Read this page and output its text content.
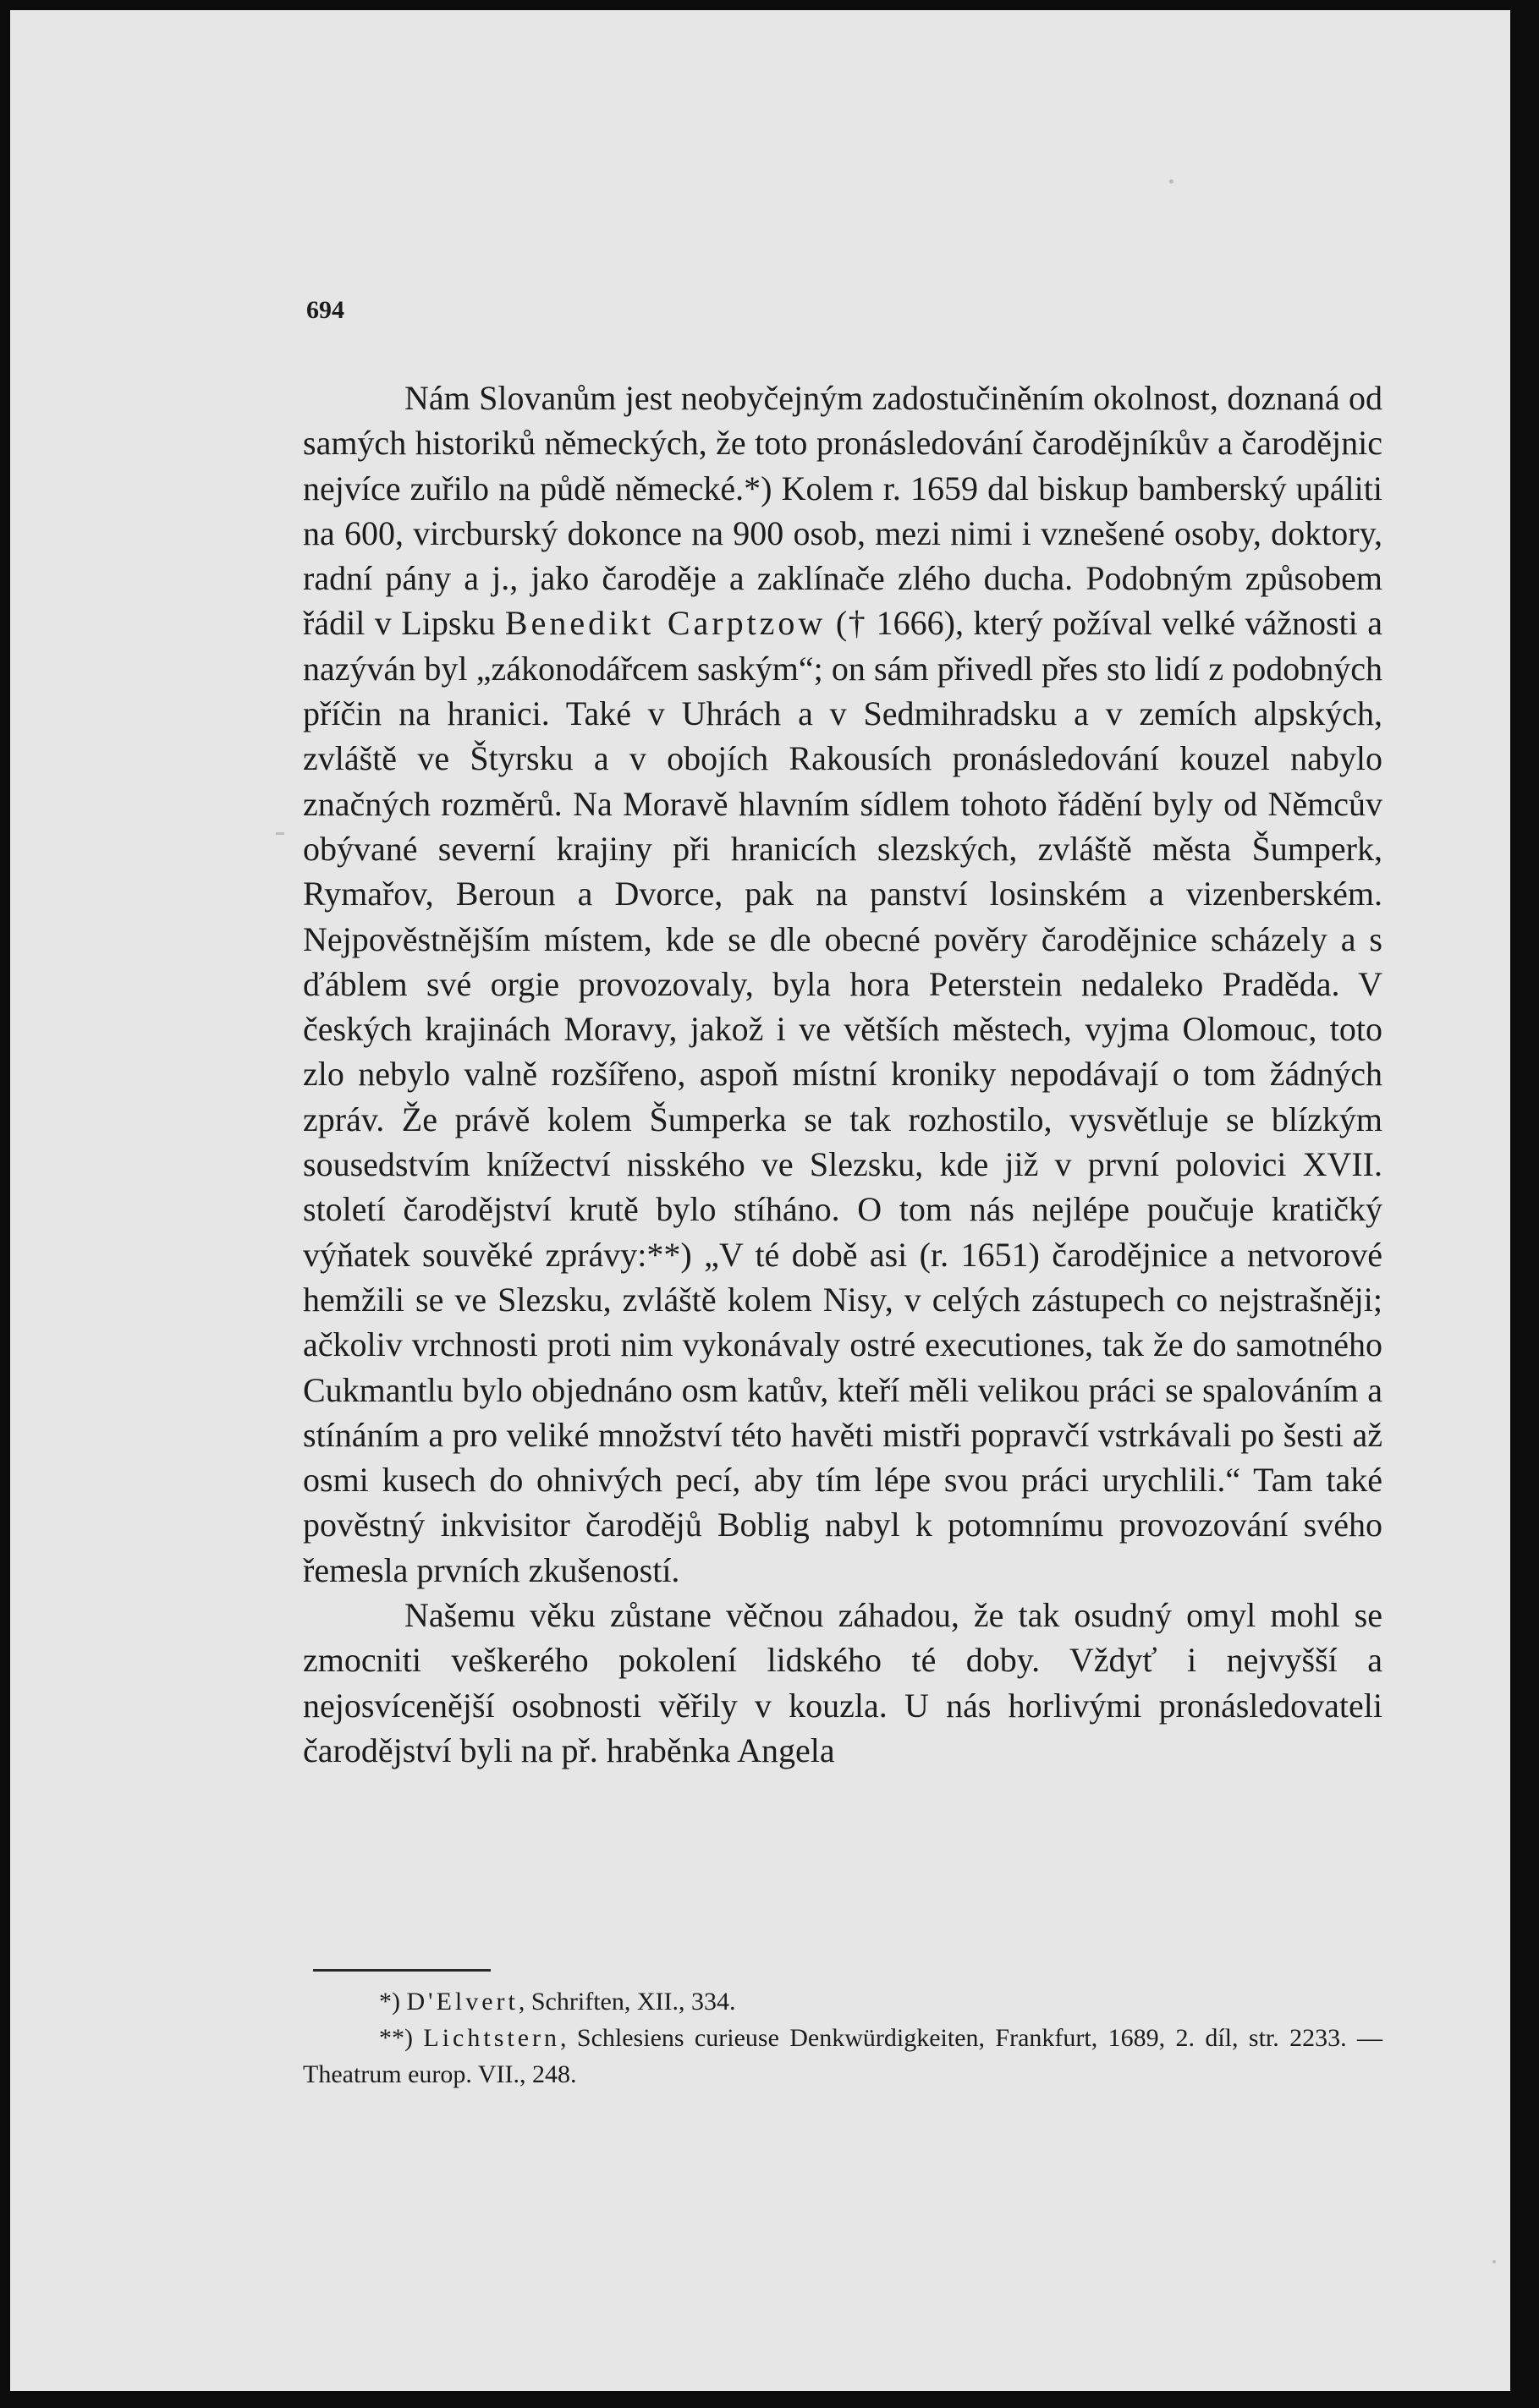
694

Nám Slovanům jest neobyčejným zadostučiněním okolnost, doznaná od samých historiků německých, že toto pronásledování čarodějníkův a čarodějnic nejvíce zuřilo na půdě německé.*) Kolem r. 1659 dal biskup bamberský upáliti na 600, vircburský dokonce na 900 osob, mezi nimi i vznešené osoby, doktory, radní pány a j., jako čaroděje a zaklínače zlého ducha. Podobným způsobem řádil v Lipsku Benedikt Carptzow († 1666), který požíval velké vážnosti a nazýván byl „zákonodářcem saským“; on sám přivedl přes sto lidí z podobných příčin na hranici. Také v Uhrách a v Sedmihradsku a v zemích alpských, zvláště ve Štyrsku a v obojích Rakousích pronásledování kouzel nabylo značných rozměrů. Na Moravě hlavním sídlem tohoto řádění byly od Němcův obývané severní krajiny při hranicích slezských, zvláště města Šumperk, Rymařov, Beroun a Dvorce, pak na panství losinském a vizenberském. Nejpověstnějším místem, kde se dle obecné pověry čarodějnice scházely a s ďáblem své orgie provozovaly, byla hora Peterstein nedaleko Praděda. V českých krajinách Moravy, jakož i ve větších městech, vyjma Olomouc, toto zlo nebylo valně rozšířeno, aspoň místní kroniky nepodávají o tom žádných zpráv. Že právě kolem Šumperka se tak rozhostilo, vysvětluje se blízkým sousedstvím knížectví nisského ve Slezsku, kde již v první polovici XVII. století čarodějství krutě bylo stíháno. O tom nás nejlépe poučuje kratičký výňatek souvěké zprávy:**) „V té době asi (r. 1651) čarodějnice a netvorové hemžili se ve Slezsku, zvláště kolem Nisy, v celých zástupech co nejstrašněji; ačkoliv vrchnosti proti nim vykonávaly ostré executiones, tak že do samotného Cukmantlu bylo objednáno osm katův, kteří měli velikou práci se spalováním a stínáním a pro veliké množství této havěti mistři popravčí vstrkávali po šesti až osmi kusech do ohnivých pecí, aby tím lépe svou práci urychlili.“ Tam také pověstný inkvisitor čarodějů Boblig nabyl k potomnímu provozování svého řemesla prvních zkušeností.

Našemu věku zůstane věčnou záhadou, že tak osudný omyl mohl se zmocniti veškerého pokolení lidského té doby. Vždyť i nejvyšší a nejosvícenější osobnosti věřily v kouzla. U nás horlivými pronásledovateli čarodějství byli na př. hraběnka Angela

*) D'Elvert, Schriften, XII., 334.

**) Lichtstern, Schlesiens curieuse Denkwürdigkeiten, Frankfurt, 1689, 2. díl, str. 2233. — Theatrum europ. VII., 248.
